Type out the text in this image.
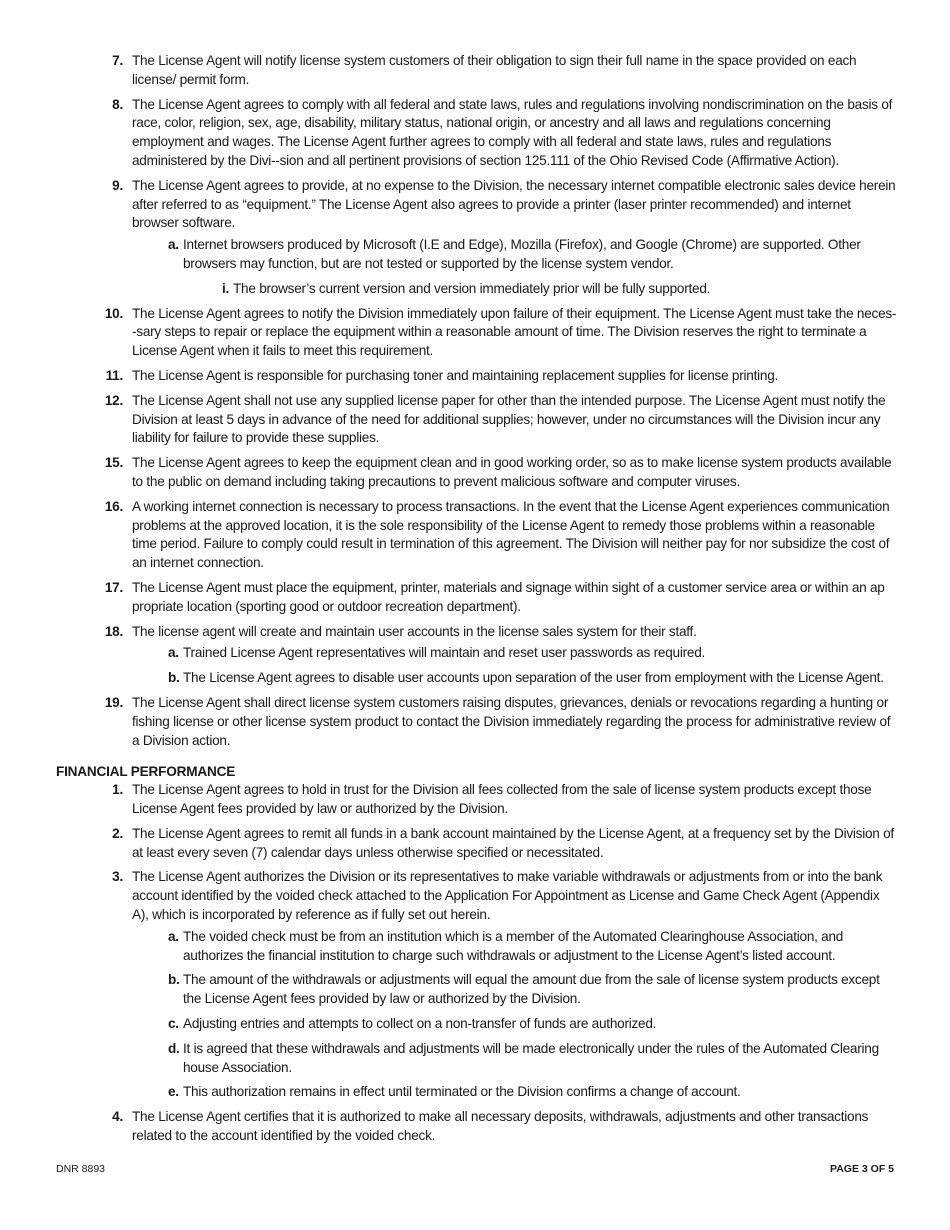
7. The License Agent will notify license system customers of their obligation to sign their full name in the space provided on each license/ permit form.
8. The License Agent agrees to comply with all federal and state laws, rules and regulations involving nondiscrimination on the basis of race, color, religion, sex, age, disability, military status, national origin, or ancestry and all laws and regulations concerning employment and wages. The License Agent further agrees to comply with all federal and state laws, rules and regulations administered by the Divi--sion and all pertinent provisions of section 125.111 of the Ohio Revised Code (Affirmative Action).
9. The License Agent agrees to provide, at no expense to the Division, the necessary internet compatible electronic sales device herein after referred to as “equipment.” The License Agent also agrees to provide a printer (laser printer recommended) and internet browser software.
a. Internet browsers produced by Microsoft (I.E and Edge), Mozilla (Firefox), and Google (Chrome) are supported. Other browsers may function, but are not tested or supported by the license system vendor.
i. The browser’s current version and version immediately prior will be fully supported.
10. The License Agent agrees to notify the Division immediately upon failure of their equipment. The License Agent must take the neces--sary steps to repair or replace the equipment within a reasonable amount of time. The Division reserves the right to terminate a License Agent when it fails to meet this requirement.
11. The License Agent is responsible for purchasing toner and maintaining replacement supplies for license printing.
12. The License Agent shall not use any supplied license paper for other than the intended purpose. The License Agent must notify the Division at least 5 days in advance of the need for additional supplies; however, under no circumstances will the Division incur any liability for failure to provide these supplies.
15. The License Agent agrees to keep the equipment clean and in good working order, so as to make license system products available to the public on demand including taking precautions to prevent malicious software and computer viruses.
16. A working internet connection is necessary to process transactions. In the event that the License Agent experiences communication problems at the approved location, it is the sole responsibility of the License Agent to remedy those problems within a reasonable time period. Failure to comply could result in termination of this agreement. The Division will neither pay for nor subsidize the cost of an internet connection.
17. The License Agent must place the equipment, printer, materials and signage within sight of a customer service area or within an ap propriate location (sporting good or outdoor recreation department).
18. The license agent will create and maintain user accounts in the license sales system for their staff.
a. Trained License Agent representatives will maintain and reset user passwords as required.
b. The License Agent agrees to disable user accounts upon separation of the user from employment with the License Agent.
19. The License Agent shall direct license system customers raising disputes, grievances, denials or revocations regarding a hunting or fishing license or other license system product to contact the Division immediately regarding the process for administrative review of a Division action.
FINANCIAL PERFORMANCE
1. The License Agent agrees to hold in trust for the Division all fees collected from the sale of license system products except those License Agent fees provided by law or authorized by the Division.
2. The License Agent agrees to remit all funds in a bank account maintained by the License Agent, at a frequency set by the Division of at least every seven (7) calendar days unless otherwise specified or necessitated.
3. The License Agent authorizes the Division or its representatives to make variable withdrawals or adjustments from or into the bank account identified by the voided check attached to the Application For Appointment as License and Game Check Agent (Appendix A), which is incorporated by reference as if fully set out herein.
a. The voided check must be from an institution which is a member of the Automated Clearinghouse Association, and authorizes the financial institution to charge such withdrawals or adjustment to the License Agent’s listed account.
b. The amount of the withdrawals or adjustments will equal the amount due from the sale of license system products except the License Agent fees provided by law or authorized by the Division.
c. Adjusting entries and attempts to collect on a non-transfer of funds are authorized.
d. It is agreed that these withdrawals and adjustments will be made electronically under the rules of the Automated Clearing house Association.
e. This authorization remains in effect until terminated or the Division confirms a change of account.
4. The License Agent certifies that it is authorized to make all necessary deposits, withdrawals, adjustments and other transactions related to the account identified by the voided check.
DNR 8893	PAGE 3 OF 5
